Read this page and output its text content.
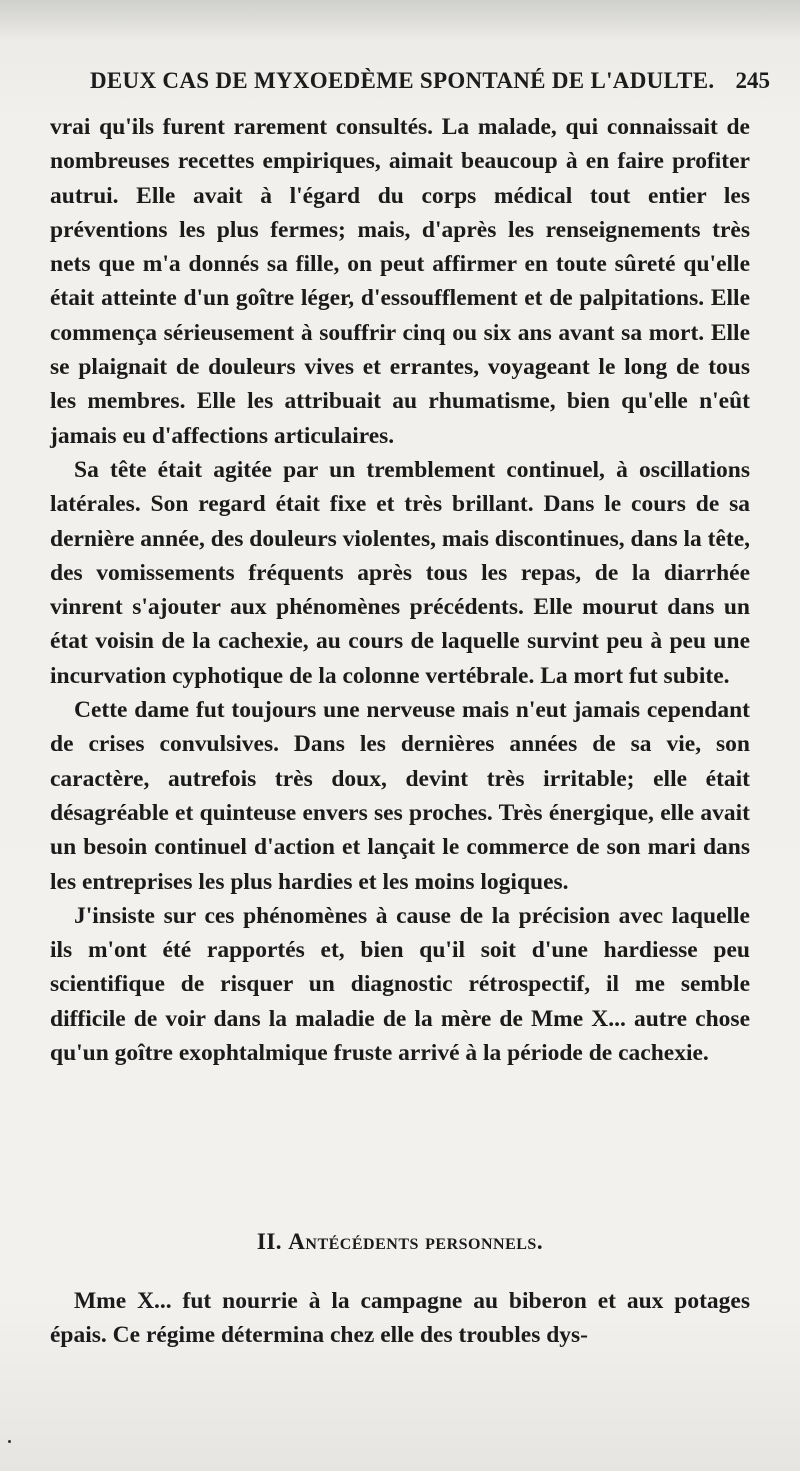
DEUX CAS DE MYXOEDÈME SPONTANÉ DE L'ADULTE. 245

vrai qu'ils furent rarement consultés. La malade, qui connaissait de nombreuses recettes empiriques, aimait beaucoup à en faire profiter autrui. Elle avait à l'égard du corps médical tout entier les préventions les plus fermes; mais, d'après les renseignements très nets que m'a donnés sa fille, on peut affirmer en toute sûreté qu'elle était atteinte d'un goître léger, d'essoufflement et de palpitations. Elle commença sérieusement à souffrir cinq ou six ans avant sa mort. Elle se plaignait de douleurs vives et errantes, voyageant le long de tous les membres. Elle les attribuait au rhumatisme, bien qu'elle n'eût jamais eu d'affections articulaires.

Sa tête était agitée par un tremblement continuel, à oscillations latérales. Son regard était fixe et très brillant. Dans le cours de sa dernière année, des douleurs violentes, mais discontinues, dans la tête, des vomissements fréquents après tous les repas, de la diarrhée vinrent s'ajouter aux phénomènes précédents. Elle mourut dans un état voisin de la cachexie, au cours de laquelle survint peu à peu une incurvation cyphotique de la colonne vertébrale. La mort fut subite.

Cette dame fut toujours une nerveuse mais n'eut jamais cependant de crises convulsives. Dans les dernières années de sa vie, son caractère, autrefois très doux, devint très irritable; elle était désagréable et quinteuse envers ses proches. Très énergique, elle avait un besoin continuel d'action et lançait le commerce de son mari dans les entreprises les plus hardies et les moins logiques.

J'insiste sur ces phénomènes à cause de la précision avec laquelle ils m'ont été rapportés et, bien qu'il soit d'une hardiesse peu scientifique de risquer un diagnostic rétrospectif, il me semble difficile de voir dans la maladie de la mère de Mme X... autre chose qu'un goître exophtalmique fruste arrivé à la période de cachexie.

II. Antécédents personnels.

Mme X... fut nourrie à la campagne au biberon et aux potages épais. Ce régime détermina chez elle des troubles dys-
